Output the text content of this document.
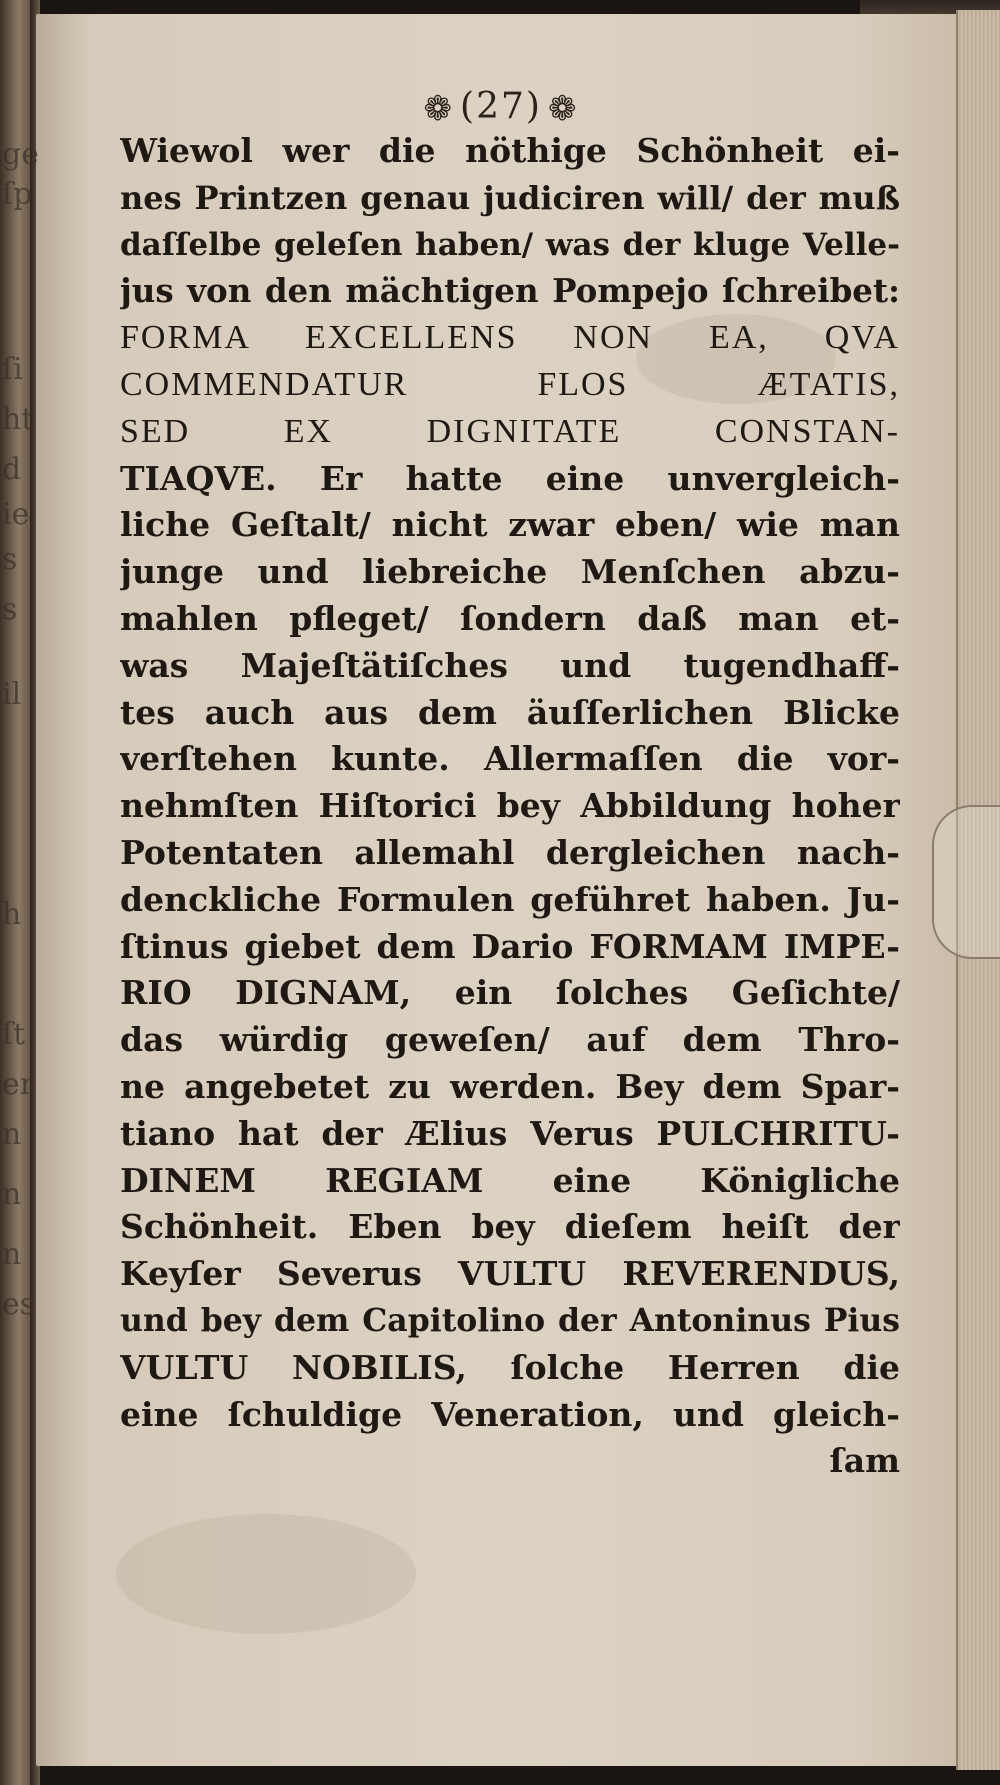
❁ (27) ❁
Wiewol wer die nöthige Schönheit ei-
nes Printzen genau judiciren will/ der muß
daſſelbe geleſen haben/ was der kluge Velle-
jus von den mächtigen Pompejo ſchreibet:
FORMA EXCELLENS NON EA, QVA
COMMENDATUR FLOS ÆTATIS,
SED EX DIGNITATE CONSTAN-
TIAQVE. Er hatte eine unvergleich-
liche Geſtalt/ nicht zwar eben/ wie man
junge und liebreiche Menſchen abzu-
mahlen pfleget/ ſondern daß man et-
was Majeſtätiſches und tugendhaff-
tes auch aus dem äuſſerlichen Blicke
verſtehen kunte. Allermaſſen die vor-
nehmſten Hiſtorici bey Abbildung hoher
Potentaten allemahl dergleichen nach-
denckliche Formulen geführet haben. Ju-
ſtinus giebet dem Dario FORMAM IMPE-
RIO DIGNAM, ein ſolches Geſichte/
das würdig geweſen/ auf dem Thro-
ne angebetet zu werden. Bey dem Spar-
tiano hat der Ælius Verus PULCHRITU-
DINEM REGIAM eine Königliche
Schönheit. Eben bey dieſem heiſt der
Keyſer Severus VULTU REVERENDUS,
und bey dem Capitolino der Antoninus Pius
VULTU NOBILIS, ſolche Herren die
eine ſchuldige Veneration, und gleich-
ſam
ge
ſp
ſi
ht
d
ie
s
s
il
h
ſt
er
n
n
n
es
